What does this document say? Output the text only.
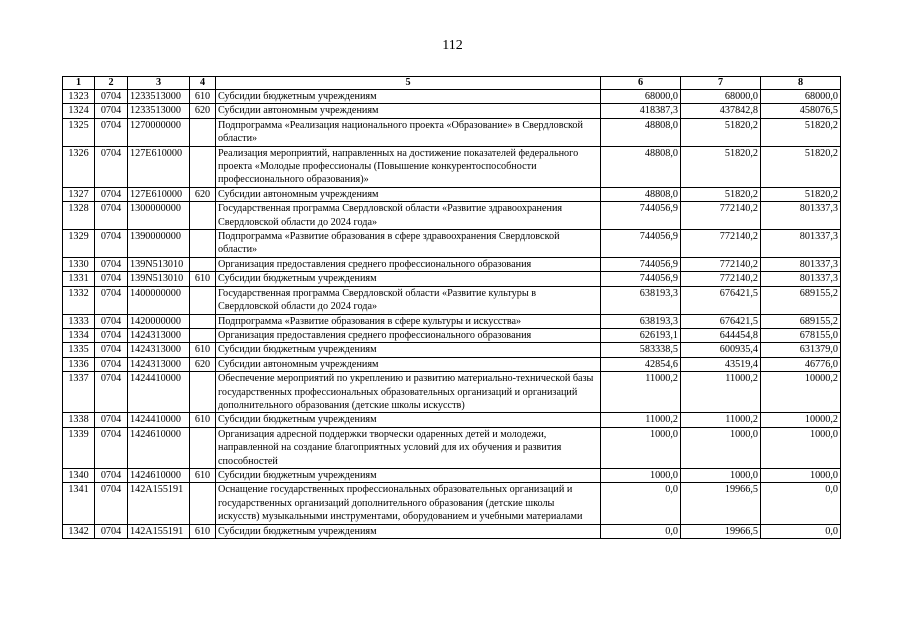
112
1	2	3	4	5	6	7	8
1323	0704	1233513000	610	Субсидии бюджетным учреждениям	68000,0	68000,0	68000,0
1324	0704	1233513000	620	Субсидии автономным учреждениям	418387,3	437842,8	458076,5
1325	0704	1270000000		Подпрограмма «Реализация национального проекта «Образование» в Свердловской области»	48808,0	51820,2	51820,2
1326	0704	127E610000		Реализация мероприятий, направленных на достижение показателей федерального проекта «Молодые профессионалы (Повышение конкурентоспособности профессионального образования)»	48808,0	51820,2	51820,2
1327	0704	127E610000	620	Субсидии автономным учреждениям	48808,0	51820,2	51820,2
1328	0704	1300000000		Государственная программа Свердловской области «Развитие здравоохранения Свердловской области до 2024 года»	744056,9	772140,2	801337,3
1329	0704	1390000000		Подпрограмма «Развитие образования в сфере здравоохранения Свердловской области»	744056,9	772140,2	801337,3
1330	0704	139N513010		Организация предоставления среднего профессионального образования	744056,9	772140,2	801337,3
1331	0704	139N513010	610	Субсидии бюджетным учреждениям	744056,9	772140,2	801337,3
1332	0704	1400000000		Государственная программа Свердловской области «Развитие культуры в Свердловской области до 2024 года»	638193,3	676421,5	689155,2
1333	0704	1420000000		Подпрограмма «Развитие образования в сфере культуры и искусства»	638193,3	676421,5	689155,2
1334	0704	1424313000		Организация предоставления среднего профессионального образования	626193,1	644454,8	678155,0
1335	0704	1424313000	610	Субсидии бюджетным учреждениям	583338,5	600935,4	631379,0
1336	0704	1424313000	620	Субсидии автономным учреждениям	42854,6	43519,4	46776,0
1337	0704	1424410000		Обеспечение мероприятий по укреплению и развитию материально-технической базы государственных профессиональных образовательных организаций и организаций дополнительного образования (детские школы искусств)	11000,2	11000,2	10000,2
1338	0704	1424410000	610	Субсидии бюджетным учреждениям	11000,2	11000,2	10000,2
1339	0704	1424610000		Организация адресной поддержки творчески одаренных детей и молодежи, направленной на создание благоприятных условий для их обучения и развития способностей	1000,0	1000,0	1000,0
1340	0704	1424610000	610	Субсидии бюджетным учреждениям	1000,0	1000,0	1000,0
1341	0704	142A155191		Оснащение государственных профессиональных образовательных организаций и государственных организаций дополнительного образования (детские школы искусств) музыкальными инструментами, оборудованием и учебными материалами	0,0	19966,5	0,0
1342	0704	142A155191	610	Субсидии бюджетным учреждениям	0,0	19966,5	0,0
